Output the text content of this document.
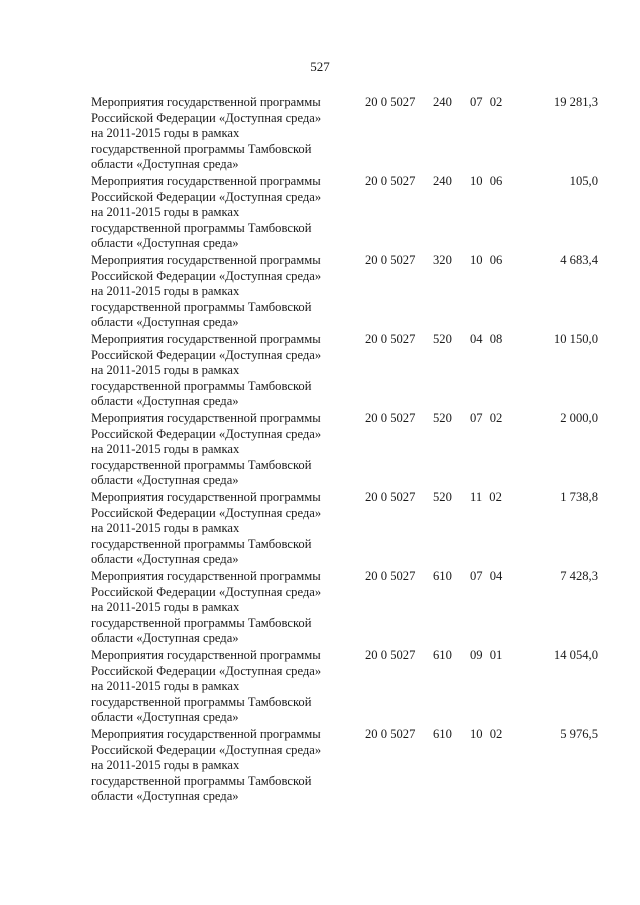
527
Мероприятия государственной программы
Российской Федерации «Доступная среда»
на 2011-2015 годы в рамках
государственной программы Тамбовской
области «Доступная среда»
20 0 5027 240 07 02	19 281,3
Мероприятия государственной программы
Российской Федерации «Доступная среда»
на 2011-2015 годы в рамках
государственной программы Тамбовской
области «Доступная среда»
20 0 5027 240 10 06	105,0
Мероприятия государственной программы
Российской Федерации «Доступная среда»
на 2011-2015 годы в рамках
государственной программы Тамбовской
области «Доступная среда»
20 0 5027 320 10 06	4 683,4
Мероприятия государственной программы
Российской Федерации «Доступная среда»
на 2011-2015 годы в рамках
государственной программы Тамбовской
области «Доступная среда»
20 0 5027 520 04 08	10 150,0
Мероприятия государственной программы
Российской Федерации «Доступная среда»
на 2011-2015 годы в рамках
государственной программы Тамбовской
области «Доступная среда»
20 0 5027 520 07 02	2 000,0
Мероприятия государственной программы
Российской Федерации «Доступная среда»
на 2011-2015 годы в рамках
государственной программы Тамбовской
области «Доступная среда»
20 0 5027 520 11 02	1 738,8
Мероприятия государственной программы
Российской Федерации «Доступная среда»
на 2011-2015 годы в рамках
государственной программы Тамбовской
области «Доступная среда»
20 0 5027 610 07 04	7 428,3
Мероприятия государственной программы
Российской Федерации «Доступная среда»
на 2011-2015 годы в рамках
государственной программы Тамбовской
области «Доступная среда»
20 0 5027 610 09 01	14 054,0
Мероприятия государственной программы
Российской Федерации «Доступная среда»
на 2011-2015 годы в рамках
государственной программы Тамбовской
области «Доступная среда»
20 0 5027 610 10 02	5 976,5
